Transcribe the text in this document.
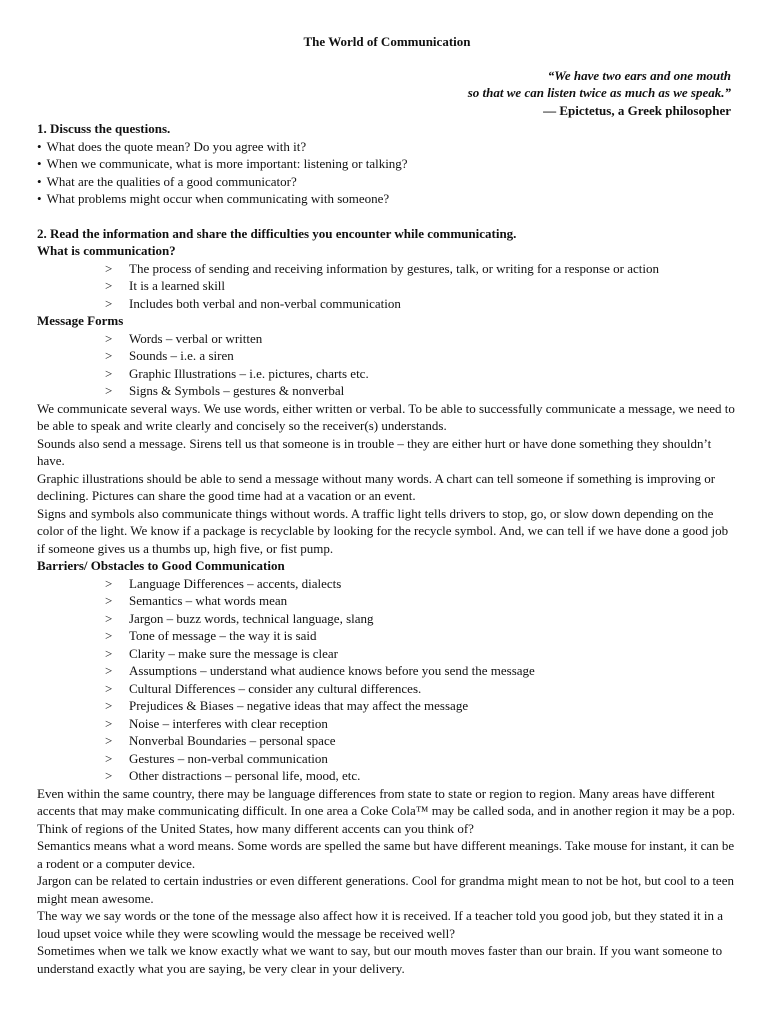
The World of Communication

“We have two ears and one mouth

so that we can listen twice as much as we speak.”

— Epictetus, a Greek philosopher

1. Discuss the questions.

• What does the quote mean? Do you agree with it?
• When we communicate, what is more important: listening or talking?
• What are the qualities of a good communicator?
• What problems might occur when communicating with someone?

2. Read the information and share the difficulties you encounter while communicating.

What is communication?

> The process of sending and receiving information by gestures, talk, or writing for a response or action
> It is a learned skill
> Includes both verbal and non-verbal communication

Message Forms

> Words – verbal or written
> Sounds – i.e. a siren
> Graphic Illustrations – i.e. pictures, charts etc.
> Signs & Symbols – gestures & nonverbal

We communicate several ways. We use words, either written or verbal. To be able to successfully communicate a message, we need to be able to speak and write clearly and concisely so the receiver(s) understands.

Sounds also send a message. Sirens tell us that someone is in trouble – they are either hurt or have done something they shouldn’t have.

Graphic illustrations should be able to send a message without many words. A chart can tell someone if something is improving or declining. Pictures can share the good time had at a vacation or an event.

Signs and symbols also communicate things without words. A traffic light tells drivers to stop, go, or slow down depending on the color of the light. We know if a package is recyclable by looking for the recycle symbol. And, we can tell if we have done a good job if someone gives us a thumbs up, high five, or fist pump.

Barriers/ Obstacles to Good Communication

> Language Differences – accents, dialects
> Semantics – what words mean
> Jargon – buzz words, technical language, slang
> Tone of message – the way it is said
> Clarity – make sure the message is clear
> Assumptions – understand what audience knows before you send the message
> Cultural Differences – consider any cultural differences.
> Prejudices & Biases – negative ideas that may affect the message
> Noise – interferes with clear reception
> Nonverbal Boundaries – personal space
> Gestures – non-verbal communication
> Other distractions – personal life, mood, etc.

Even within the same country, there may be language differences from state to state or region to region. Many areas have different accents that may make communicating difficult. In one area a Coke Cola™ may be called soda, and in another region it may be a pop. Think of regions of the United States, how many different accents can you think of?

Semantics means what a word means. Some words are spelled the same but have different meanings. Take mouse for instant, it can be a rodent or a computer device.

Jargon can be related to certain industries or even different generations. Cool for grandma might mean to not be hot, but cool to a teen might mean awesome.

The way we say words or the tone of the message also affect how it is received. If a teacher told you good job, but they stated it in a loud upset voice while they were scowling would the message be received well?

Sometimes when we talk we know exactly what we want to say, but our mouth moves faster than our brain. If you want someone to understand exactly what you are saying, be very clear in your delivery.
